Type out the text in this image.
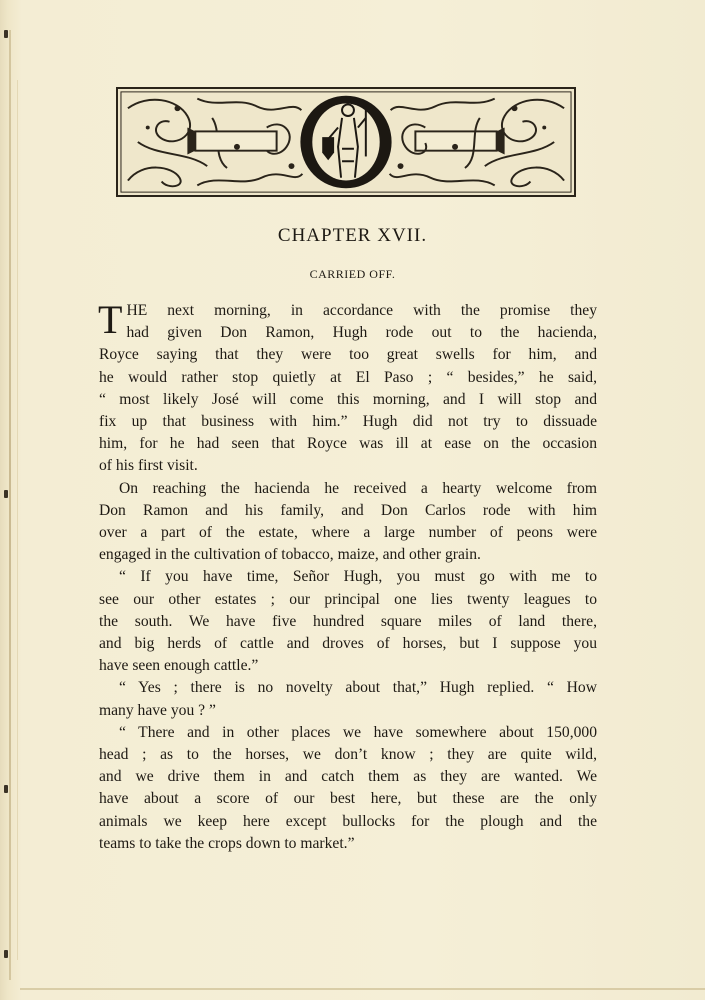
CHAPTER XVII.
CARRIED OFF.
T HE next morning, in accordance with the promise they
had given Don Ramon, Hugh rode out to the hacienda,
Royce saying that they were too great swells for him, and
he would rather stop quietly at El Paso ; “ besides,” he said,
“ most likely José will come this morning, and I will stop and
fix up that business with him.” Hugh did not try to dissuade
him, for he had seen that Royce was ill at ease on the occasion
of his first visit.
On reaching the hacienda he received a hearty welcome from
Don Ramon and his family, and Don Carlos rode with him
over a part of the estate, where a large number of peons were
engaged in the cultivation of tobacco, maize, and other grain.
“ If you have time, Señor Hugh, you must go with me to
see our other estates ; our principal one lies twenty leagues to
the south. We have five hundred square miles of land there,
and big herds of cattle and droves of horses, but I suppose you
have seen enough cattle.”
“ Yes ; there is no novelty about that,” Hugh replied. “ How
many have you ? ”
“ There and in other places we have somewhere about 150,000
head ; as to the horses, we don’t know ; they are quite wild,
and we drive them in and catch them as they are wanted. We
have about a score of our best here, but these are the only
animals we keep here except bullocks for the plough and the
teams to take the crops down to market.”
